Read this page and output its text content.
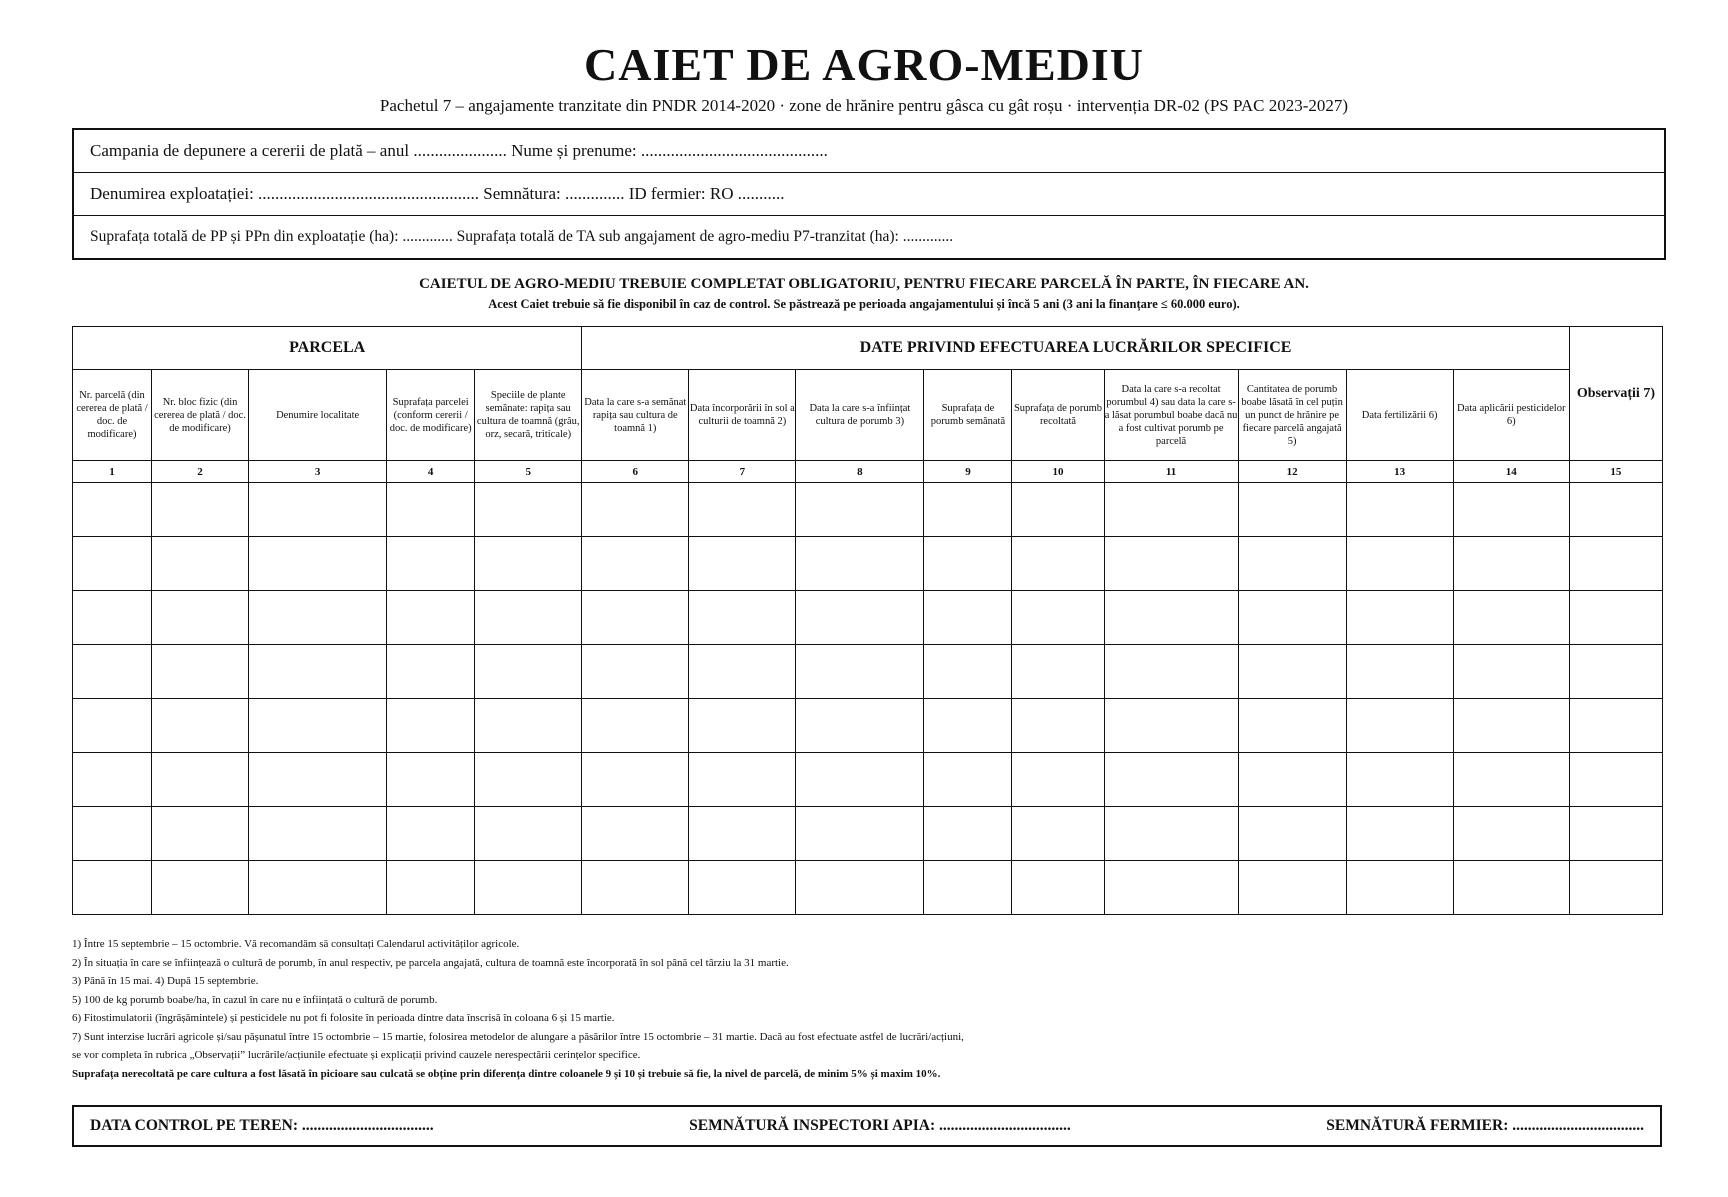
CAIET DE AGRO-MEDIU
Pachetul 7 – angajamente tranzitate din PNDR 2014-2020 · zone de hrănire pentru gâsca cu gât roșu · intervenția DR-02 (PS PAC 2023-2027)
Campania de depunere a cererii de plată – anul ...................... Nume și prenume: ............................................
Denumirea exploatației: .................................................... Semnătura: .............. ID fermier: RO ...........
Suprafața totală de PP și PPn din exploatație (ha): ............. Suprafața totală de TA sub angajament de agro-mediu P7-tranzitat (ha): .............
CAIETUL DE AGRO-MEDIU TREBUIE COMPLETAT OBLIGATORIU, PENTRU FIECARE PARCELĂ ÎN PARTE, ÎN FIECARE AN.
Acest Caiet trebuie să fie disponibil în caz de control. Se păstrează pe perioada angajamentului și încă 5 ani (3 ani la finanțare ≤ 60.000 euro).
PARCELA					DATE PRIVIND EFECTUAREA LUCRĂRILOR SPECIFICE									Observații 7)
Nr. parcelă (din cererea de plată / doc. de modificare)	Nr. bloc fizic (din cererea de plată / doc. de modificare)	Denumire localitate	Suprafața parcelei (conform cererii / doc. de modificare)	Speciile de plante semănate: rapița sau cultura de toamnă (grâu, orz, secară, triticale)	Data la care s-a semănat rapița sau cultura de toamnă 1)	Data încorporării în sol a culturii de toamnă 2)	Data la care s-a înființat cultura de porumb 3)	Suprafața de porumb semănată	Suprafața de porumb recoltată	Data la care s-a recoltat porumbul 4) sau data la care s-a lăsat porumbul boabe dacă nu a fost cultivat porumb pe parcelă	Cantitatea de porumb boabe lăsată în cel puțin un punct de hrănire pe fiecare parcelă angajată 5)	Data fertilizării 6)	Data aplicării pesticidelor 6)	
1	2	3	4	5	6	7	8	9	10	11	12	13	14	15

1) Între 15 septembrie – 15 octombrie. Vă recomandăm să consultați Calendarul activităților agricole.
2) În situația în care se înființează o cultură de porumb, în anul respectiv, pe parcela angajată, cultura de toamnă este încorporată în sol până cel târziu la 31 martie.
3) Până în 15 mai. 4) După 15 septembrie.
5) 100 de kg porumb boabe/ha, în cazul în care nu e înființată o cultură de porumb.
6) Fitostimulatorii (îngrășămintele) și pesticidele nu pot fi folosite în perioada dintre data înscrisă în coloana 6 și 15 martie.
7) Sunt interzise lucrări agricole și/sau pășunatul între 15 octombrie – 15 martie, folosirea metodelor de alungare a păsărilor între 15 octombrie – 31 martie. Dacă au fost efectuate astfel de lucrări/acțiuni,
se vor completa în rubrica „Observații” lucrările/acțiunile efectuate și explicații privind cauzele nerespectării cerințelor specifice.
Suprafața nerecoltată pe care cultura a fost lăsată în picioare sau culcată se obține prin diferența dintre coloanele 9 și 10 și trebuie să fie, la nivel de parcelă, de minim 5% și maxim 10%.
DATA CONTROL PE TEREN: ..................................	SEMNĂTURĂ INSPECTORI APIA: ..................................	SEMNĂTURĂ FERMIER: ..................................
